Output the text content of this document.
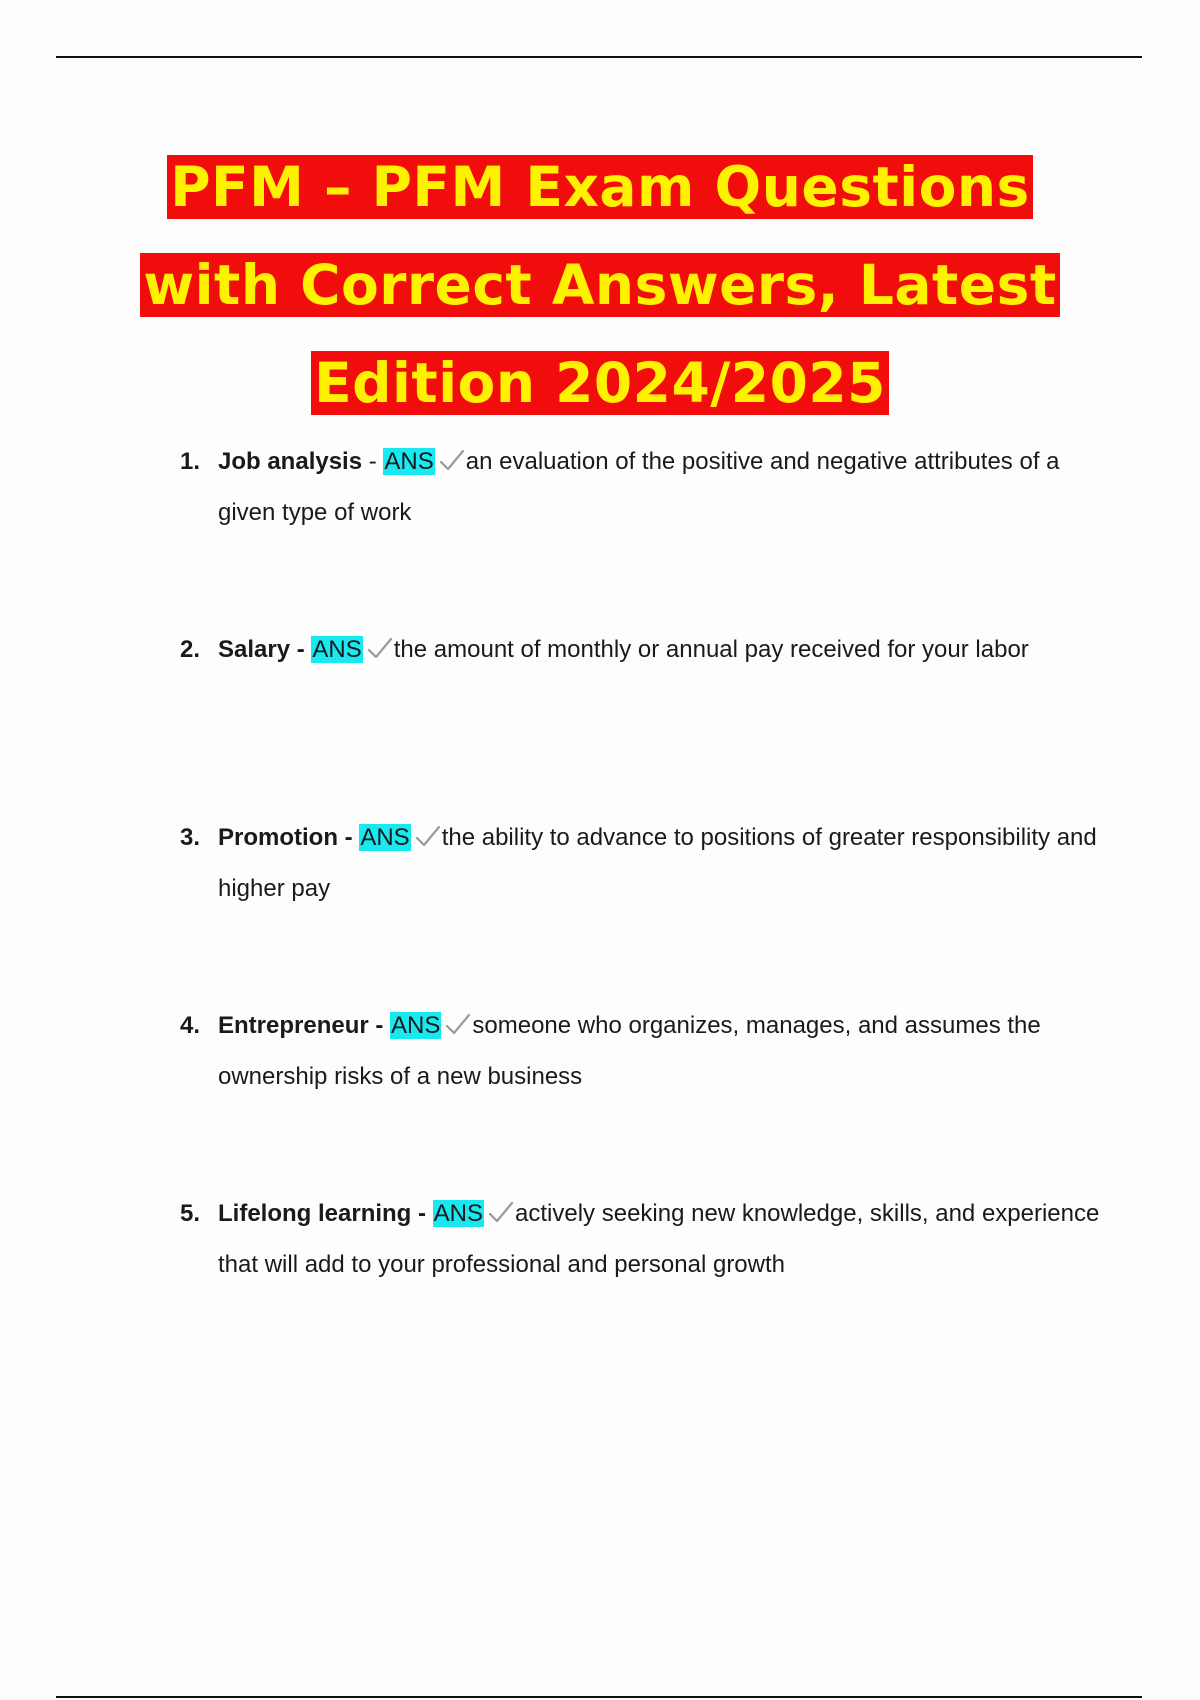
PFM – PFM Exam Questions
with Correct Answers, Latest
Edition 2024/2025
1. Job analysis - ANS an evaluation of the positive and negative attributes of a given type of work
2. Salary - ANS the amount of monthly or annual pay received for your labor
3. Promotion - ANS the ability to advance to positions of greater responsibility and higher pay
4. Entrepreneur - ANS someone who organizes, manages, and assumes the ownership risks of a new business
5. Lifelong learning - ANS actively seeking new knowledge, skills, and experience that will add to your professional and personal growth
